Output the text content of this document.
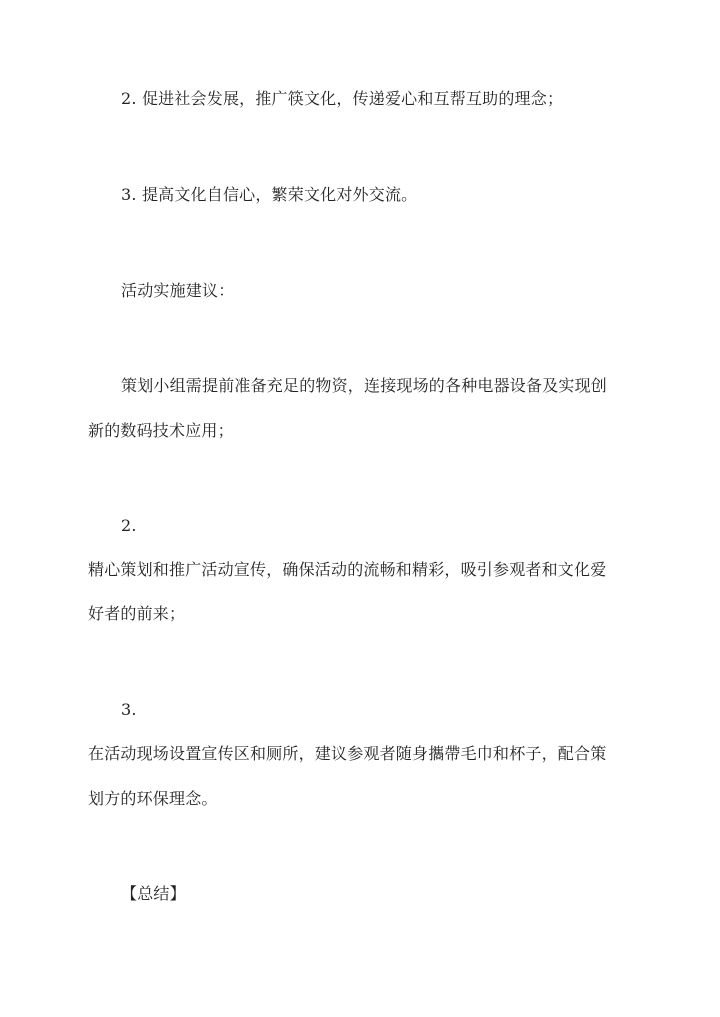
2. 促进社会发展，推广筷文化，传递爱心和互帮互助的理念；
3. 提高文化自信心，繁荣文化对外交流。
活动实施建议：
策划小组需提前准备充足的物资，连接现场的各种电器设备及实现创
新的数码技术应用；
2.
精心策划和推广活动宣传，确保活动的流畅和精彩，吸引参观者和文化爱
好者的前来；
3.
在活动现场设置宣传区和厕所，建议参观者随身攜帶毛巾和杯子，配合策
划方的环保理念。
【总结】
